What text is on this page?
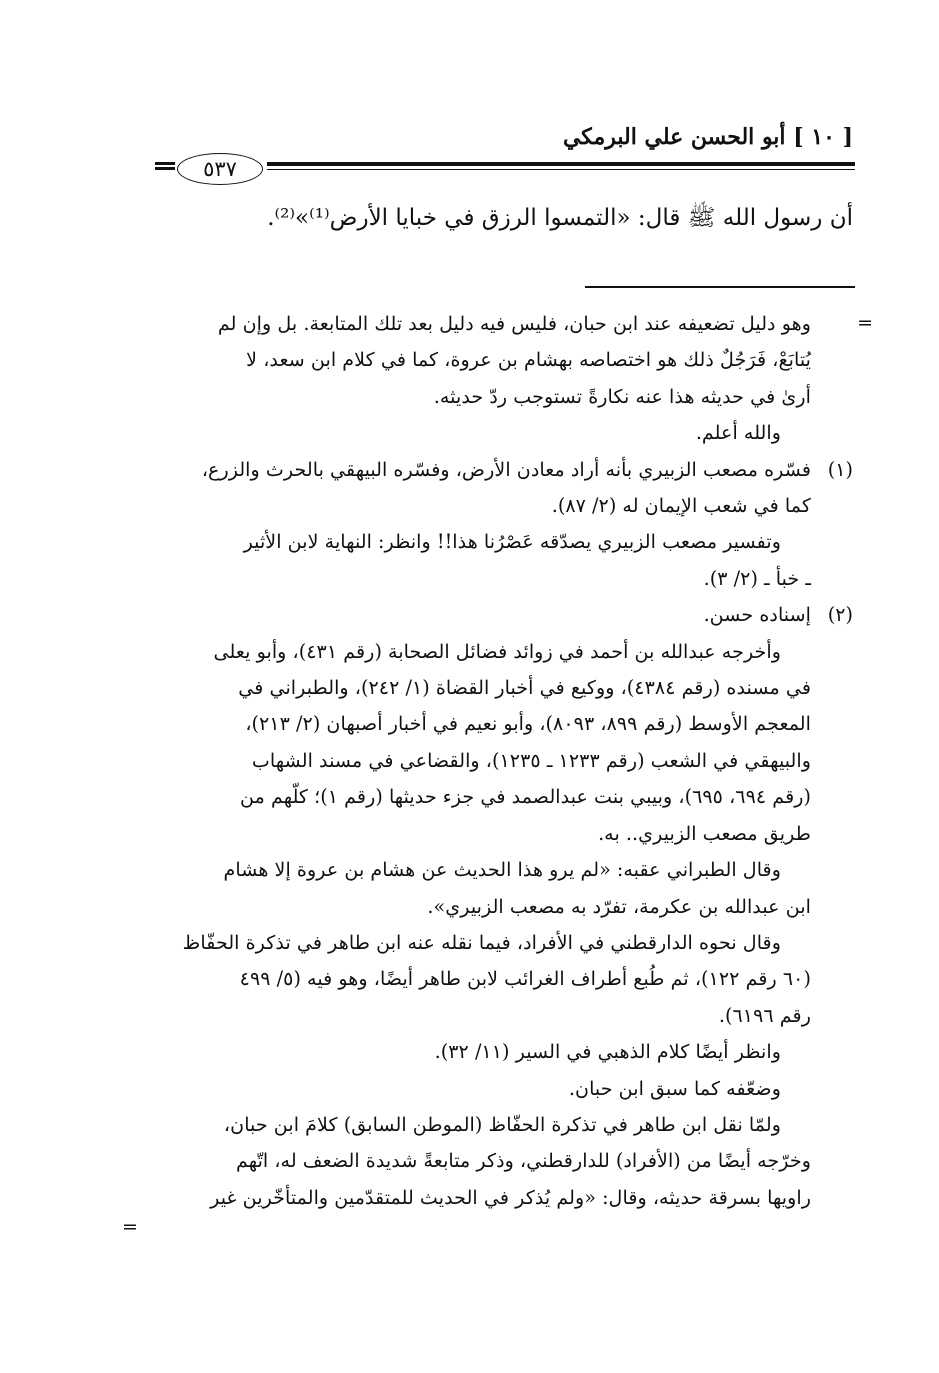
[ ١٠ ] أبو الحسن علي البرمكي
٥٣٧
أن رسول الله ﷺ قال: «التمسوا الرزق في خبايا الأرض⁽¹⁾»⁽²⁾.
=

وهو دليل تضعيفه عند ابن حبان، فليس فيه دليل بعد تلك المتابعة. بل وإن لم

يُتابَعْ، فَرَجُلٌ ذلك هو اختصاصه بهشام بن عروة، كما في كلام ابن سعد، لا

أرىٰ في حديثه هذا عنه نكارةً تستوجب ردّ حديثه.

والله أعلم.

(١)فسّره مصعب الزبيري بأنه أراد معادن الأرض، وفسّره البيهقي بالحرث والزرع،

كما في شعب الإيمان له (٢/ ٨٧).

وتفسير مصعب الزبيري يصدّقه عَصْرُنا هذا!! وانظر: النهاية لابن الأثير

ـ خبأ ـ (٢/ ٣).

(٢)إسناده حسن.

وأخرجه عبدالله بن أحمد في زوائد فضائل الصحابة (رقم ٤٣١)، وأبو يعلى

في مسنده (رقم ٤٣٨٤)، ووكيع في أخبار القضاة (١/ ٢٤٢)، والطبراني في

المعجم الأوسط (رقم ٨٩٩، ٨٠٩٣)، وأبو نعيم في أخبار أصبهان (٢/ ٢١٣)،

والبيهقي في الشعب (رقم ١٢٣٣ ـ ١٢٣٥)، والقضاعي في مسند الشهاب

(رقم ٦٩٤، ٦٩٥)، وبيبي بنت عبدالصمد في جزء حديثها (رقم ١)؛ كلّهم من

طريق مصعب الزبيري.. به.

وقال الطبراني عقبه: «لم يرو هذا الحديث عن هشام بن عروة إلا هشام

ابن عبدالله بن عكرمة، تفرّد به مصعب الزبيري».

وقال نحوه الدارقطني في الأفراد، فيما نقله عنه ابن طاهر في تذكرة الحفّاظ

(٦٠ رقم ١٢٢)، ثم طُبع أطراف الغرائب لابن طاهر أيضًا، وهو فيه (٥/ ٤٩٩

رقم ٦١٩٦).

وانظر أيضًا كلام الذهبي في السير (١١/ ٣٢).

وضعّفه كما سبق ابن حبان.

ولمّا نقل ابن طاهر في تذكرة الحفّاظ (الموطن السابق) كلامَ ابن حبان،

وخرّجه أيضًا من (الأفراد) للدارقطني، وذكر متابعةً شديدة الضعف له، اتّهم

راويها بسرقة حديثه، وقال: «ولم يُذكر في الحديث للمتقدّمين والمتأخّرين غير

=
